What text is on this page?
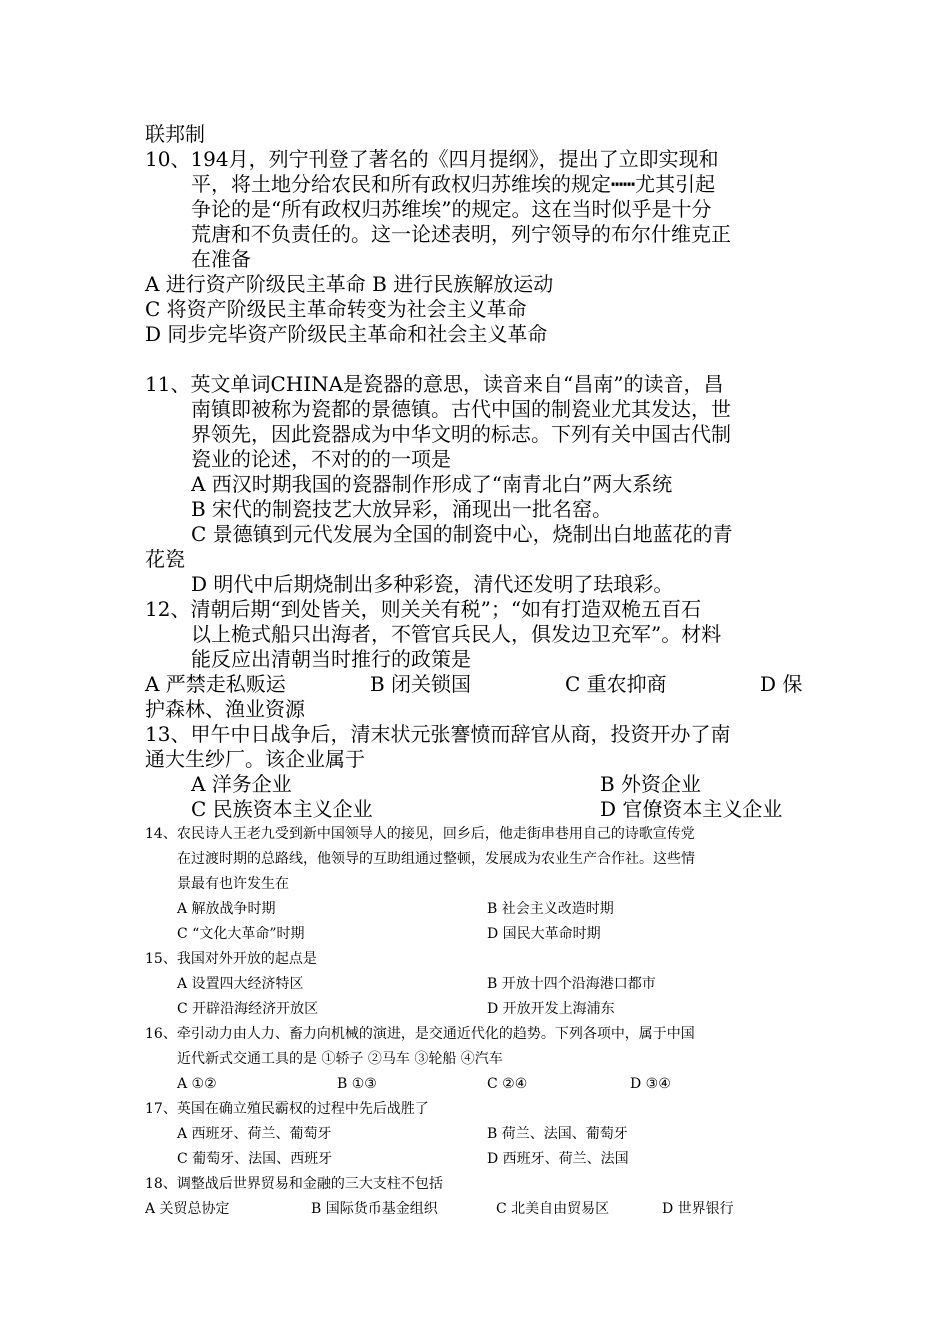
联邦制
10、194月，列宁刊登了著名的《四月提纲》，提出了立即实现和
平，将土地分给农民和所有政权归苏维埃的规定┅┅尤其引起
争论的是“所有政权归苏维埃”的规定。这在当时似乎是十分
荒唐和不负责任的。这一论述表明，列宁领导的布尔什维克正
在准备
A 进行资产阶级民主革命 B 进行民族解放运动
C 将资产阶级民主革命转变为社会主义革命
D 同步完毕资产阶级民主革命和社会主义革命
11、英文单词CHINA是瓷器的意思，读音来自“昌南”的读音，昌
南镇即被称为瓷都的景德镇。古代中国的制瓷业尤其发达，世
界领先，因此瓷器成为中华文明的标志。下列有关中国古代制
瓷业的论述，不对的的一项是
A 西汉时期我国的瓷器制作形成了“南青北白”两大系统
B 宋代的制瓷技艺大放异彩，涌现出一批名窑。
C 景德镇到元代发展为全国的制瓷中心，烧制出白地蓝花的青
花瓷
D 明代中后期烧制出多种彩瓷，清代还发明了珐琅彩。
12、清朝后期“到处皆关，则关关有税”；“如有打造双桅五百石
以上桅式船只出海者，不管官兵民人，俱发边卫充军”。材料
能反应出清朝当时推行的政策是
A 严禁走私贩运	B 闭关锁国	C 重农抑商	D 保
护森林、渔业资源
13、甲午中日战争后，清末状元张謇愤而辞官从商，投资开办了南
通大生纱厂。该企业属于
A 洋务企业	B 外资企业
C 民族资本主义企业	D 官僚资本主义企业
14、农民诗人王老九受到新中国领导人的接见，回乡后，他走街串巷用自己的诗歌宣传党
在过渡时期的总路线，他领导的互助组通过整顿，发展成为农业生产合作社。这些情
景最有也许发生在
A 解放战争时期	B 社会主义改造时期
C “文化大革命”时期	D 国民大革命时期
15、我国对外开放的起点是
A 设置四大经济特区	B 开放十四个沿海港口都市
C 开辟沿海经济开放区	D 开放开发上海浦东
16、牵引动力由人力、畜力向机械的演进，是交通近代化的趋势。下列各项中，属于中国
近代新式交通工具的是 ①轿子 ②马车 ③轮船 ④汽车
A ①②	B ①③	C ②④	D ③④
17、英国在确立殖民霸权的过程中先后战胜了
A 西班牙、荷兰、葡萄牙	B 荷兰、法国、葡萄牙
C 葡萄牙、法国、西班牙	D 西班牙、荷兰、法国
18、调整战后世界贸易和金融的三大支柱不包括
A 关贸总协定	B 国际货币基金组织	C 北美自由贸易区	D 世界银行
